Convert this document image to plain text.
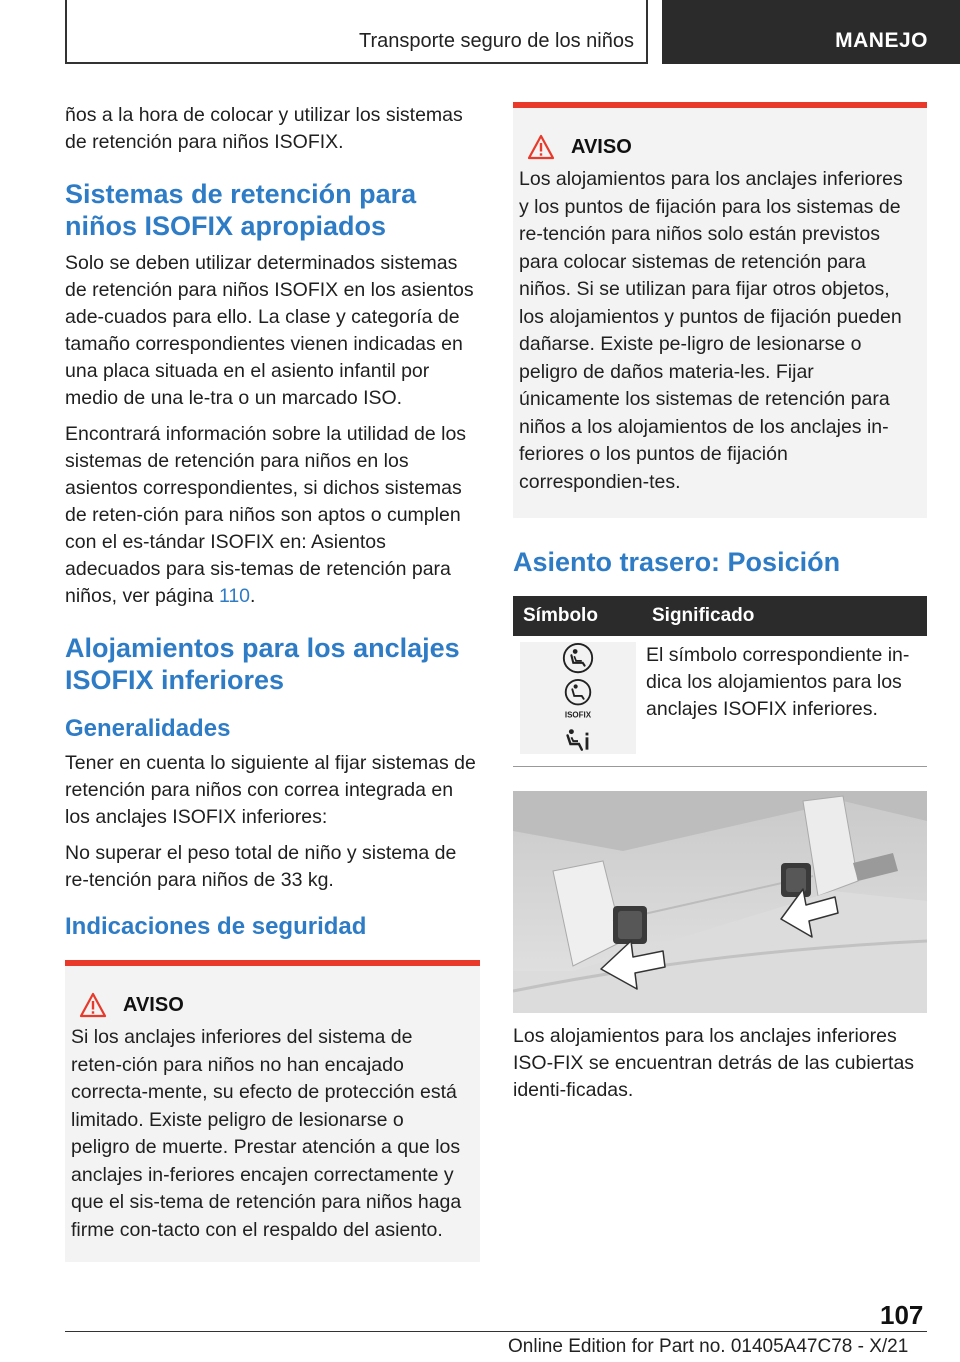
Transporte seguro de los niños	MANEJO

ños a la hora de colocar y utilizar los sistemas de retención para niños ISOFIX.

Sistemas de retención para niños ISOFIX apropiados

Solo se deben utilizar determinados sistemas de retención para niños ISOFIX en los asientos ade-cuados para ello. La clase y categoría de tamaño correspondientes vienen indicadas en una placa situada en el asiento infantil por medio de una le-tra o un marcado ISO.

Encontrará información sobre la utilidad de los sistemas de retención para niños en los asientos correspondientes, si dichos sistemas de reten-ción para niños son aptos o cumplen con el es-tándar ISOFIX en: Asientos adecuados para sis-temas de retención para niños, ver página 110.

Alojamientos para los anclajes ISOFIX inferiores
Generalidades

Tener en cuenta lo siguiente al fijar sistemas de retención para niños con correa integrada en los anclajes ISOFIX inferiores:

No superar el peso total de niño y sistema de re-tención para niños de 33 kg.

Indicaciones de seguridad
AVISO

Si los anclajes inferiores del sistema de reten-ción para niños no han encajado correcta-mente, su efecto de protección está limitado. Existe peligro de lesionarse o peligro de muerte. Prestar atención a que los anclajes in-feriores encajen correctamente y que el sis-tema de retención para niños haga firme con-tacto con el respaldo del asiento.

AVISO

Los alojamientos para los anclajes inferiores y los puntos de fijación para los sistemas de re-tención para niños solo están previstos para colocar sistemas de retención para niños. Si se utilizan para fijar otros objetos, los alojamientos y puntos de fijación pueden dañarse. Existe pe-ligro de lesionarse o peligro de daños materia-les. Fijar únicamente los sistemas de retención para niños a los alojamientos de los anclajes in-feriores o los puntos de fijación correspondien-tes.

Asiento trasero: Posición
Símbolo	Significado

ISOFIX	El símbolo correspondiente in-dica los alojamientos para los anclajes ISOFIX inferiores.

Los alojamientos para los anclajes inferiores ISO-FIX se encuentran detrás de las cubiertas identi-ficadas.

107
Online Edition for Part no. 01405A47C78 - X/21
